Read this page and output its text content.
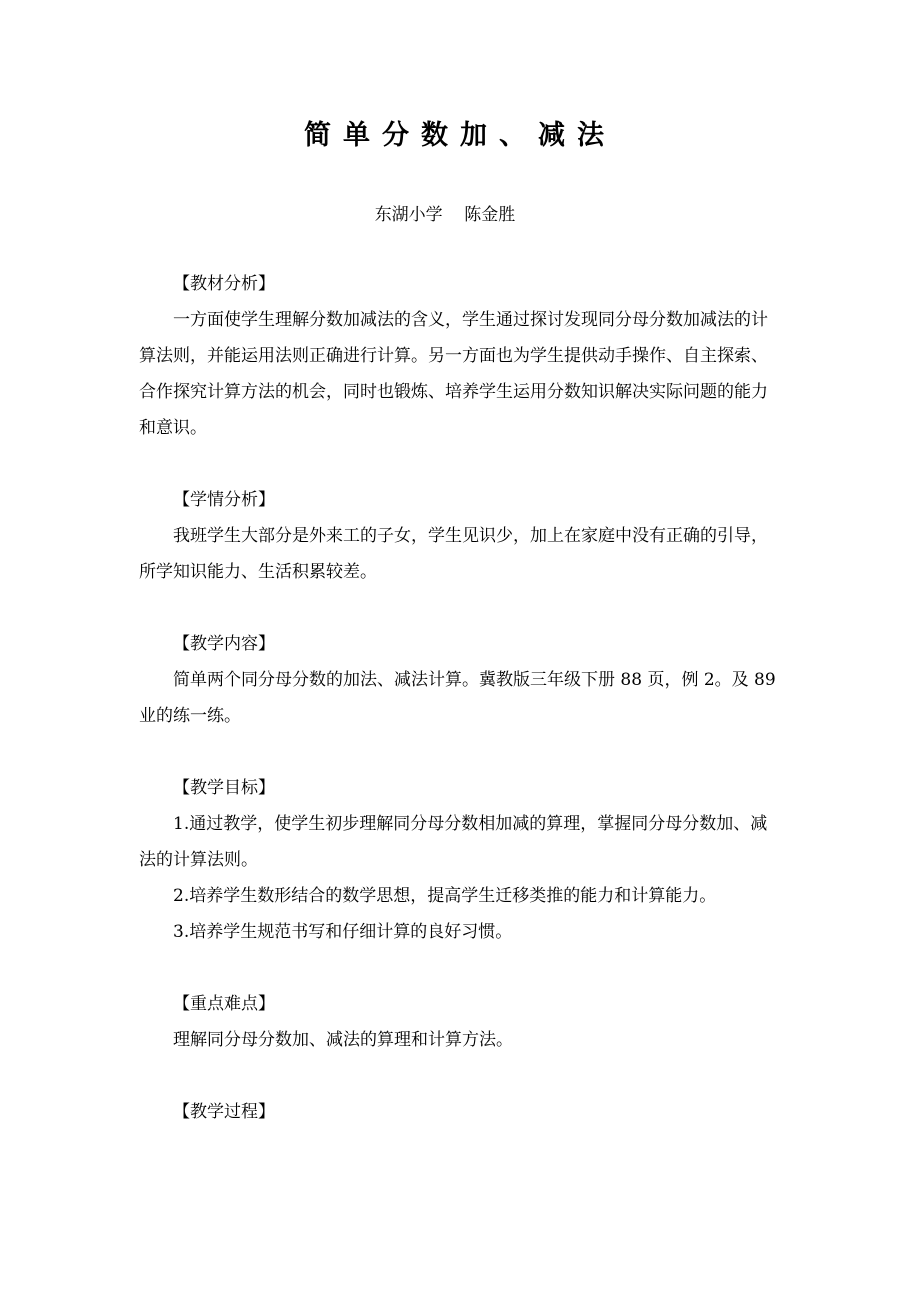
简单分数加、减法
东湖小学    陈金胜
【教材分析】

一方面使学生理解分数加减法的含义，学生通过探讨发现同分母分数加减法的计算法则，并能运用法则正确进行计算。另一方面也为学生提供动手操作、自主探索、合作探究计算方法的机会，同时也锻炼、培养学生运用分数知识解决实际问题的能力和意识。

【学情分析】

我班学生大部分是外来工的子女，学生见识少，加上在家庭中没有正确的引导，所学知识能力、生活积累较差。

【教学内容】

简单两个同分母分数的加法、减法计算。冀教版三年级下册 88 页，例 2。及 89 业的练一练。

【教学目标】

1.通过教学，使学生初步理解同分母分数相加减的算理，掌握同分母分数加、减法的计算法则。

2.培养学生数形结合的数学思想，提高学生迁移类推的能力和计算能力。

3.培养学生规范书写和仔细计算的良好习惯。

【重点难点】

理解同分母分数加、减法的算理和计算方法。

【教学过程】
